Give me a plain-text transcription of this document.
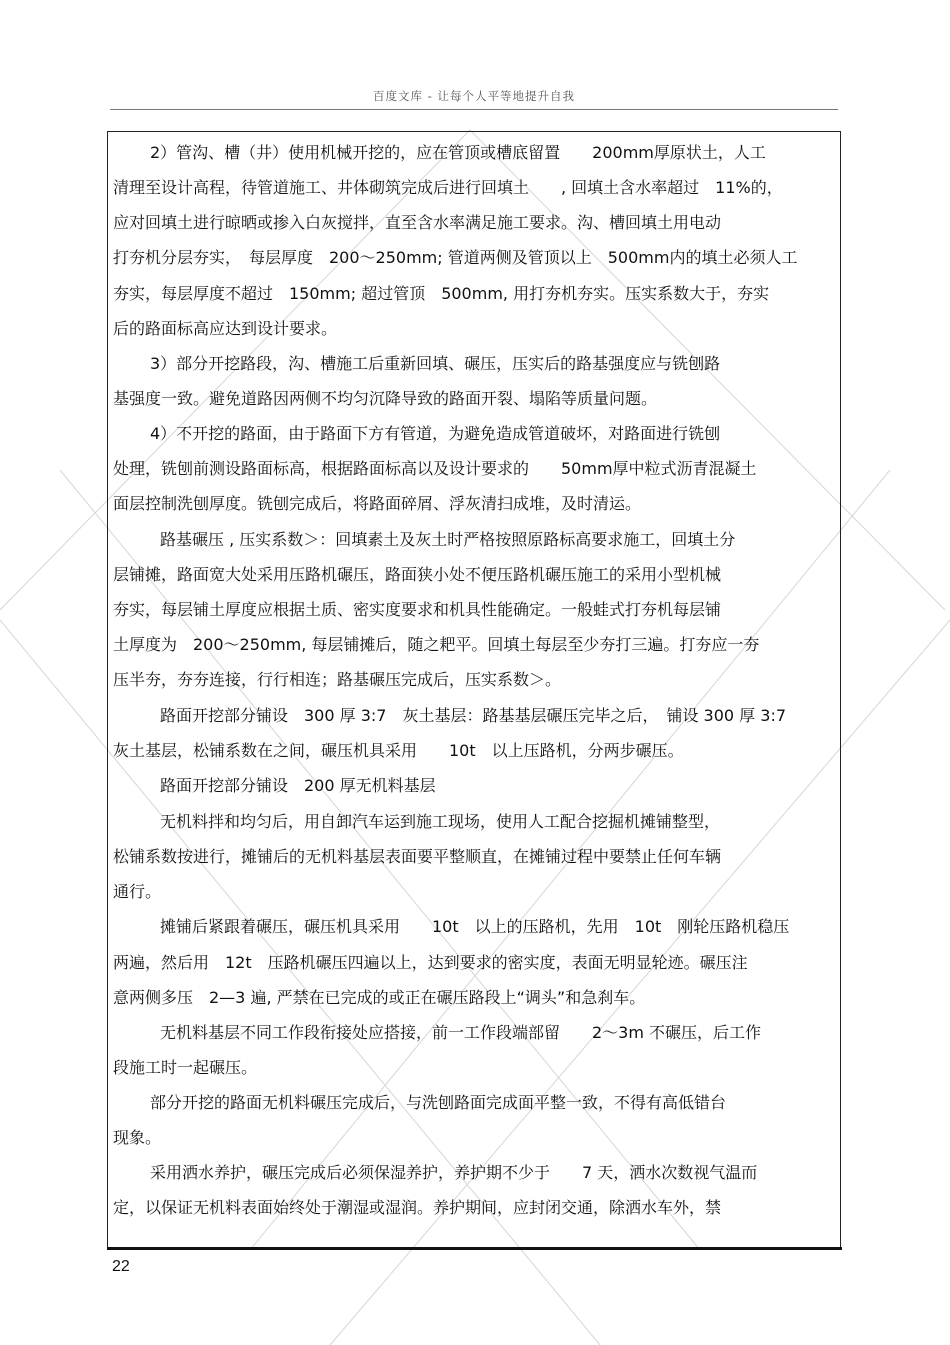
百度文库 - 让每个人平等地提升自我
2）管沟、槽（井）使用机械开挖的，应在管顶或槽底留置　　200mm厚原状土，人工
清理至设计高程，待管道施工、井体砌筑完成后进行回填土　　, 回填土含水率超过　11%的，
应对回填土进行晾晒或掺入白灰搅拌，直至含水率满足施工要求。沟、槽回填土用电动
打夯机分层夯实，　每层厚度　200～250mm; 管道两侧及管顶以上　500mm内的填土必须人工
夯实，每层厚度不超过　150mm; 超过管顶　500mm, 用打夯机夯实。压实系数大于，夯实
后的路面标高应达到设计要求。
3）部分开挖路段，沟、槽施工后重新回填、碾压，压实后的路基强度应与铣刨路
基强度一致。避免道路因两侧不均匀沉降导致的路面开裂、塌陷等质量问题。
4）不开挖的路面，由于路面下方有管道，为避免造成管道破坏，对路面进行铣刨
处理，铣刨前测设路面标高，根据路面标高以及设计要求的　　50mm厚中粒式沥青混凝土
面层控制洗刨厚度。铣刨完成后，将路面碎屑、浮灰清扫成堆，及时清运。
路基碾压 , 压实系数＞：回填素土及灰土时严格按照原路标高要求施工，回填土分
层铺摊，路面宽大处采用压路机碾压，路面狭小处不便压路机碾压施工的采用小型机械
夯实，每层铺土厚度应根据土质、密实度要求和机具性能确定。一般蛙式打夯机每层铺
土厚度为　200～250mm, 每层铺摊后，随之耙平。回填土每层至少夯打三遍。打夯应一夯
压半夯，夯夯连接，行行相连；路基碾压完成后，压实系数＞。
路面开挖部分铺设　300 厚 3:7　灰土基层：路基基层碾压完毕之后，　铺设 300 厚 3:7
灰土基层，松铺系数在之间，碾压机具采用　　10t　以上压路机，分两步碾压。
路面开挖部分铺设　200 厚无机料基层
无机料拌和均匀后，用自卸汽车运到施工现场，使用人工配合挖掘机摊铺整型，
松铺系数按进行，摊铺后的无机料基层表面要平整顺直，在摊铺过程中要禁止任何车辆
通行。
摊铺后紧跟着碾压，碾压机具采用　　10t　以上的压路机，先用　10t　刚轮压路机稳压
两遍，然后用　12t　压路机碾压四遍以上，达到要求的密实度，表面无明显轮迹。碾压注
意两侧多压　2—3 遍, 严禁在已完成的或正在碾压路段上“调头”和急刹车。
无机料基层不同工作段衔接处应搭接，前一工作段端部留　　2～3m 不碾压，后工作
段施工时一起碾压。
部分开挖的路面无机料碾压完成后，与洗刨路面完成面平整一致，不得有高低错台
现象。
采用洒水养护，碾压完成后必须保湿养护，养护期不少于　　7 天，洒水次数视气温而
定，以保证无机料表面始终处于潮湿或湿润。养护期间，应封闭交通，除洒水车外，禁
22
